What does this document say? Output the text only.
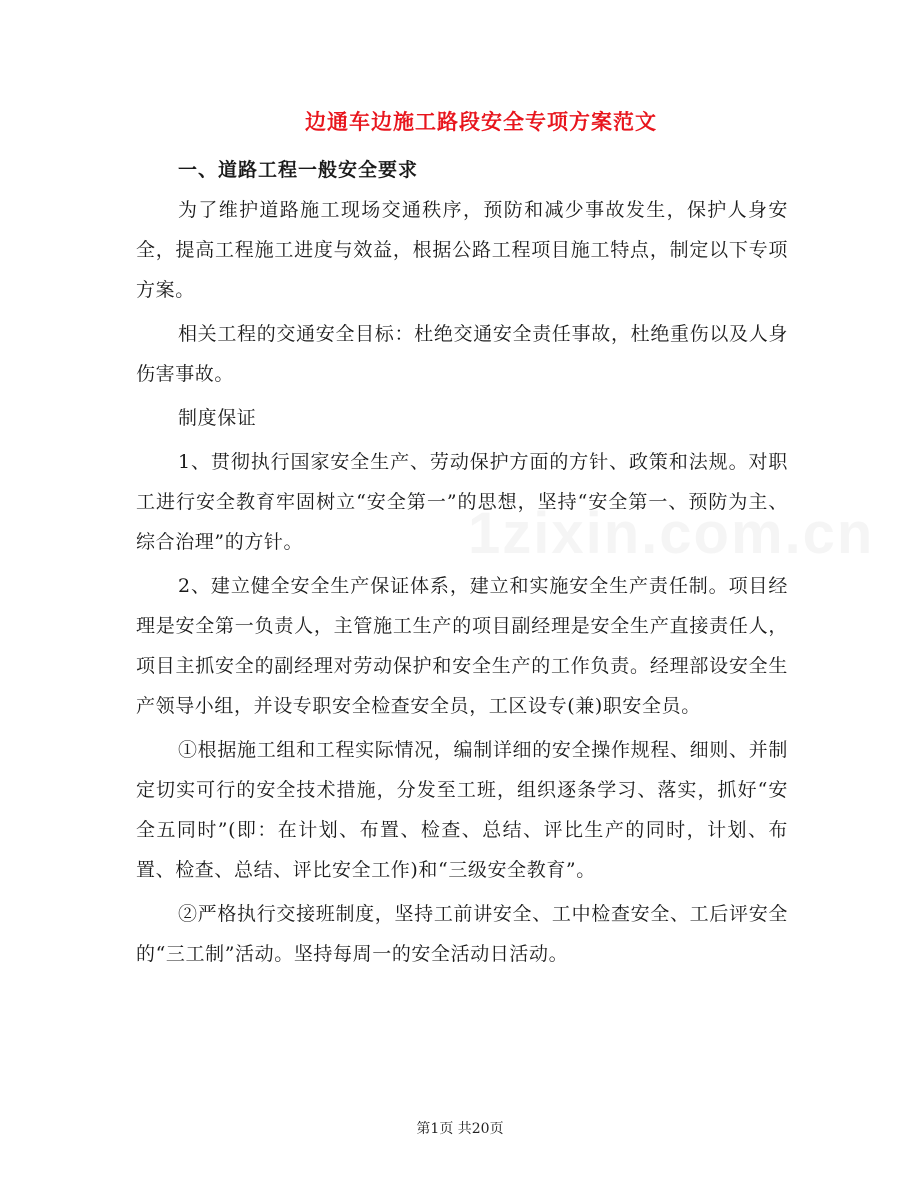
边通车边施工路段安全专项方案范文
一、道路工程一般安全要求

为了维护道路施工现场交通秩序，预防和减少事故发生，保护人身安全，提高工程施工进度与效益，根据公路工程项目施工特点，制定以下专项方案。

相关工程的交通安全目标：杜绝交通安全责任事故，杜绝重伤以及人身伤害事故。

制度保证

1、贯彻执行国家安全生产、劳动保护方面的方针、政策和法规。对职工进行安全教育牢固树立“安全第一”的思想，坚持“安全第一、预防为主、综合治理”的方针。

2、建立健全安全生产保证体系，建立和实施安全生产责任制。项目经理是安全第一负责人，主管施工生产的项目副经理是安全生产直接责任人，项目主抓安全的副经理对劳动保护和安全生产的工作负责。经理部设安全生产领导小组，并设专职安全检查安全员，工区设专(兼)职安全员。

①根据施工组和工程实际情况，编制详细的安全操作规程、细则、并制定切实可行的安全技术措施，分发至工班，组织逐条学习、落实，抓好“安全五同时”(即：在计划、布置、检查、总结、评比生产的同时，计划、布置、检查、总结、评比安全工作)和“三级安全教育”。

②严格执行交接班制度，坚持工前讲安全、工中检查安全、工后评安全的“三工制”活动。坚持每周一的安全活动日活动。

1zixin.com.cn
第1页 共20页
